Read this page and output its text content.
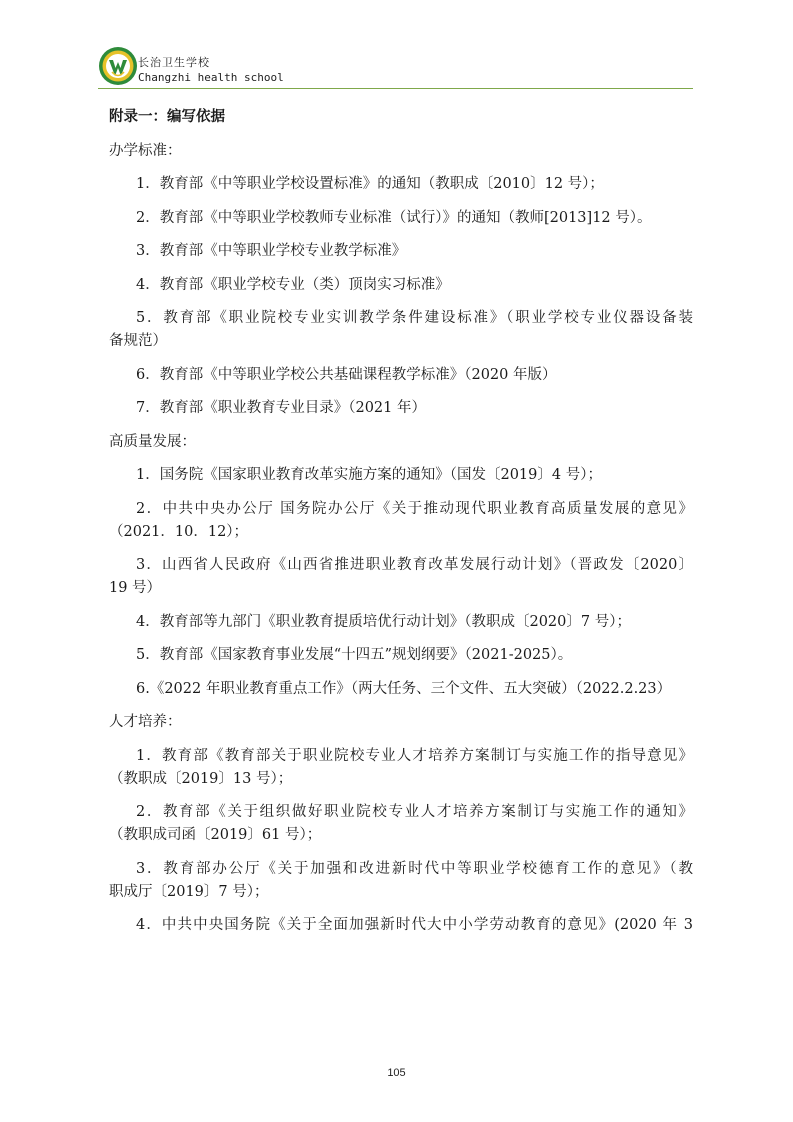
长治卫生学校
Changzhi health school
附录一：编写依据
办学标准：
1．教育部《中等职业学校设置标准》的通知（教职成〔2010〕12 号）；
2．教育部《中等职业学校教师专业标准（试行）》的通知（教师[2013]12 号）。
3．教育部《中等职业学校专业教学标准》
4．教育部《职业学校专业（类）顶岗实习标准》
5．教育部《职业院校专业实训教学条件建设标准》（职业学校专业仪器设备装
备规范）
6．教育部《中等职业学校公共基础课程教学标准》（2020 年版）
7．教育部《职业教育专业目录》（2021 年）
高质量发展：
1．国务院《国家职业教育改革实施方案的通知》（国发〔2019〕4 号）；
2．中共中央办公厅 国务院办公厅《关于推动现代职业教育高质量发展的意见》
（2021．10．12）；
3．山西省人民政府《山西省推进职业教育改革发展行动计划》（晋政发〔2020〕
19 号）
4．教育部等九部门《职业教育提质培优行动计划》（教职成〔2020〕7 号）；
5．教育部《国家教育事业发展“十四五”规划纲要》（2021-2025）。
6.《2022 年职业教育重点工作》（两大任务、三个文件、五大突破）（2022.2.23）
人才培养：
1．教育部《教育部关于职业院校专业人才培养方案制订与实施工作的指导意见》
（教职成〔2019〕13 号）；
2．教育部《关于组织做好职业院校专业人才培养方案制订与实施工作的通知》
（教职成司函〔2019〕61 号）；
3．教育部办公厅《关于加强和改进新时代中等职业学校德育工作的意见》（教
职成厅〔2019〕7 号）；
4．中共中央国务院《关于全面加强新时代大中小学劳动教育的意见》(2020 年 3
105
